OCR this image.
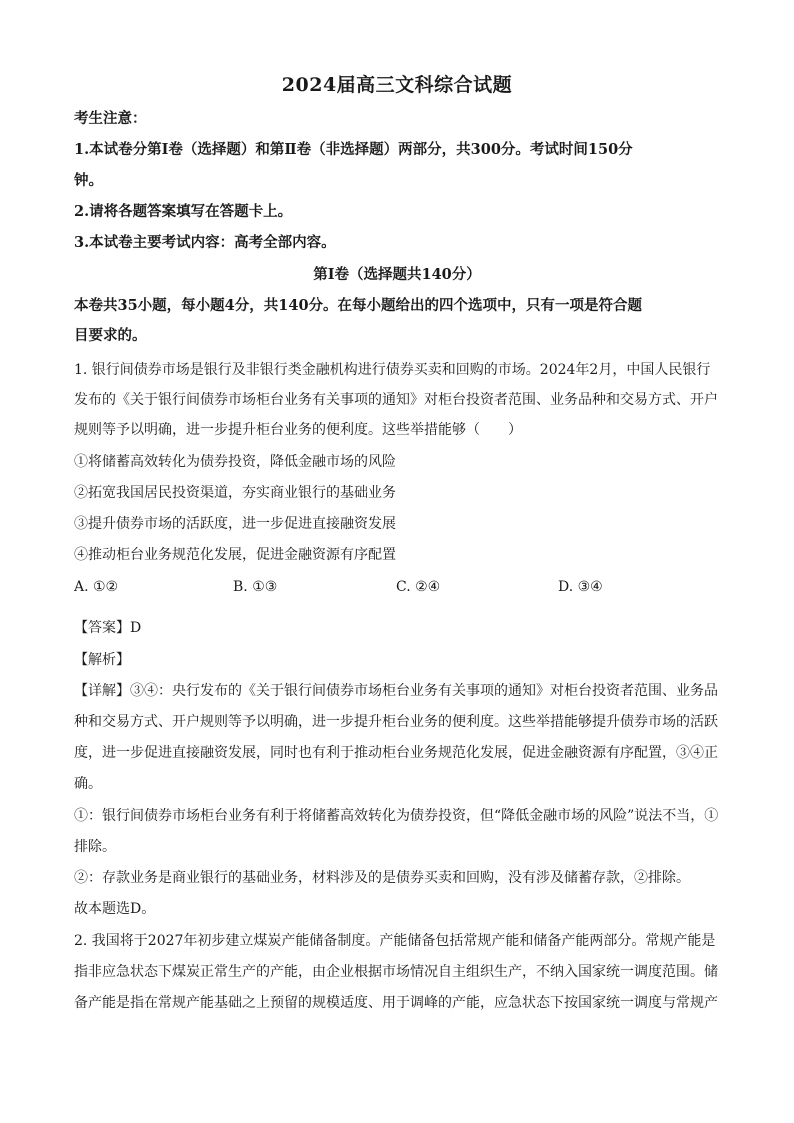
2024届高三文科综合试题
考生注意：
1.本试卷分第Ⅰ卷（选择题）和第Ⅱ卷（非选择题）两部分，共300分。考试时间150分
钟。
2.请将各题答案填写在答题卡上。
3.本试卷主要考试内容：高考全部内容。
第Ⅰ卷（选择题共140分）
本卷共35小题，每小题4分，共140分。在每小题给出的四个选项中，只有一项是符合题
目要求的。
1. 银行间债券市场是银行及非银行类金融机构进行债券买卖和回购的市场。2024年2月，中国人民银行
发布的《关于银行间债券市场柜台业务有关事项的通知》对柜台投资者范围、业务品种和交易方式、开户
规则等予以明确，进一步提升柜台业务的便利度。这些举措能够（　　）
①将储蓄高效转化为债券投资，降低金融市场的风险
②拓宽我国居民投资渠道，夯实商业银行的基础业务
③提升债券市场的活跃度，进一步促进直接融资发展
④推动柜台业务规范化发展，促进金融资源有序配置
A. ①②	B. ①③	C. ②④	D. ③④
【答案】D
【解析】
【详解】③④：央行发布的《关于银行间债券市场柜台业务有关事项的通知》对柜台投资者范围、业务品
种和交易方式、开户规则等予以明确，进一步提升柜台业务的便利度。这些举措能够提升债券市场的活跃
度，进一步促进直接融资发展，同时也有利于推动柜台业务规范化发展，促进金融资源有序配置，③④正
确。
①：银行间债券市场柜台业务有利于将储蓄高效转化为债券投资，但“降低金融市场的风险”说法不当，①
排除。
②：存款业务是商业银行的基础业务，材料涉及的是债券买卖和回购，没有涉及储蓄存款，②排除。
故本题选D。
2. 我国将于2027年初步建立煤炭产能储备制度。产能储备包括常规产能和储备产能两部分。常规产能是
指非应急状态下煤炭正常生产的产能，由企业根据市场情况自主组织生产，不纳入国家统一调度范围。储
备产能是指在常规产能基础之上预留的规模适度、用于调峰的产能，应急状态下按国家统一调度与常规产
